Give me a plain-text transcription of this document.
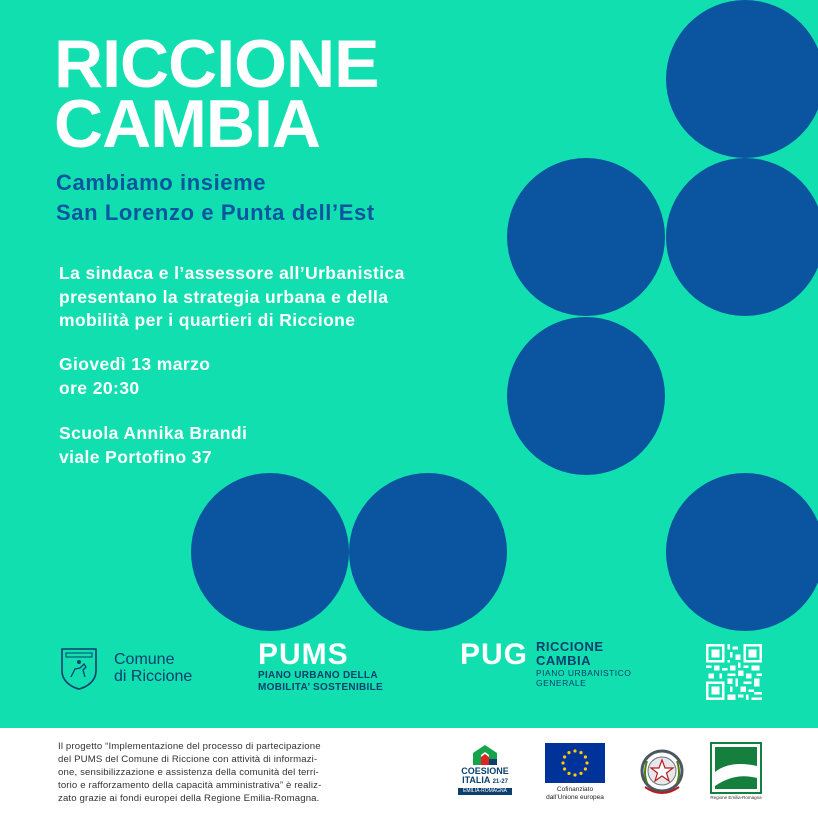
RICCIONE
CAMBIA
Cambiamo insieme
San Lorenzo e Punta dell’Est
La sindaca e l’assessore all’Urbanistica
presentano la strategia urbana e della
mobilità per i quartieri di Riccione
Giovedì 13 marzo
ore 20:30
Scuola Annika Brandi
viale Portofino 37
Comune
di Riccione
PUMS
PIANO URBANO DELLA
MOBILITA’ SOSTENIBILE
PUG RICCIONE
CAMBIA
PIANO URBANISTICO
GENERALE
Il progetto “Implementazione del processo di partecipazione
del PUMS del Comune di Riccione con attività di informazi-
one, sensibilizzazione e assistenza della comunità del terri-
torio e rafforzamento della capacità amministrativa” è realiz-
zato grazie ai fondi europei della Regione Emilia-Romagna.
COESIONE
ITALIA 21-27
EMILIA-ROMAGNA	Cofinanziato
dall’Unione europea	Regione Emilia-Romagna
